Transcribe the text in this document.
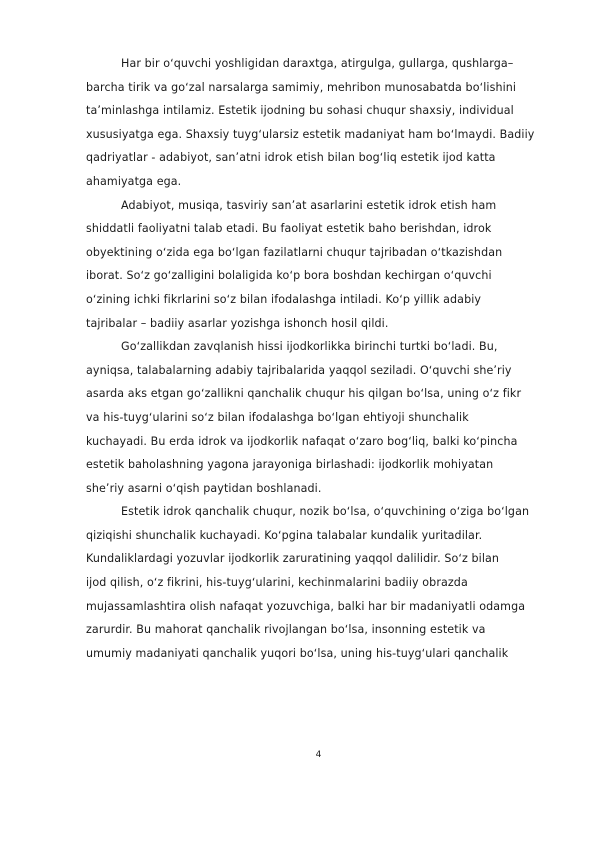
Har bir oʻquvchi yoshligidan daraxtga, atirgulga, gullarga, qushlarga–
barcha tirik va goʻzal narsalarga samimiy, mehribon munosabatda boʻlishini
taʼminlashga intilamiz. Estetik ijodning bu sohasi chuqur shaxsiy, individual
xususiyatga ega. Shaxsiy tuygʻularsiz estetik madaniyat ham boʻlmaydi. Badiiy
qadriyatlar - adabiyot, sanʼatni idrok etish bilan bogʻliq estetik ijod katta
ahamiyatga ega.

Adabiyot, musiqa, tasviriy sanʼat asarlarini estetik idrok etish ham
shiddatli faoliyatni talab etadi. Bu faoliyat estetik baho berishdan, idrok
obyektining oʻzida ega boʻlgan fazilatlarni chuqur tajribadan oʻtkazishdan
iborat. Soʻz goʻzalligini bolaligida koʻp bora boshdan kechirgan oʻquvchi
oʻzining ichki fikrlarini soʻz bilan ifodalashga intiladi. Koʻp yillik adabiy
tajribalar – badiiy asarlar yozishga ishonch hosil qildi.

Goʻzallikdan zavqlanish hissi ijodkorlikka birinchi turtki boʻladi. Bu,
ayniqsa, talabalarning adabiy tajribalarida yaqqol seziladi. Oʻquvchi sheʼriy
asarda aks etgan goʻzallikni qanchalik chuqur his qilgan boʻlsa, uning oʻz fikr
va his-tuygʻularini soʻz bilan ifodalashga boʻlgan ehtiyoji shunchalik
kuchayadi. Bu erda idrok va ijodkorlik nafaqat oʻzaro bogʻliq, balki koʻpincha
estetik baholashning yagona jarayoniga birlashadi: ijodkorlik mohiyatan
sheʼriy asarni oʻqish paytidan boshlanadi.

Estetik idrok qanchalik chuqur, nozik boʻlsa, oʻquvchining oʻziga boʻlgan
qiziqishi shunchalik kuchayadi. Koʻpgina talabalar kundalik yuritadilar.
Kundaliklardagi yozuvlar ijodkorlik zaruratining yaqqol dalilidir. Soʻz bilan
ijod qilish, oʻz fikrini, his-tuygʻularini, kechinmalarini badiiy obrazda
mujassamlashtira olish nafaqat yozuvchiga, balki har bir madaniyatli odamga
zarurdir. Bu mahorat qanchalik rivojlangan boʻlsa, insonning estetik va
umumiy madaniyati qanchalik yuqori boʻlsa, uning his-tuygʻulari qanchalik

4
